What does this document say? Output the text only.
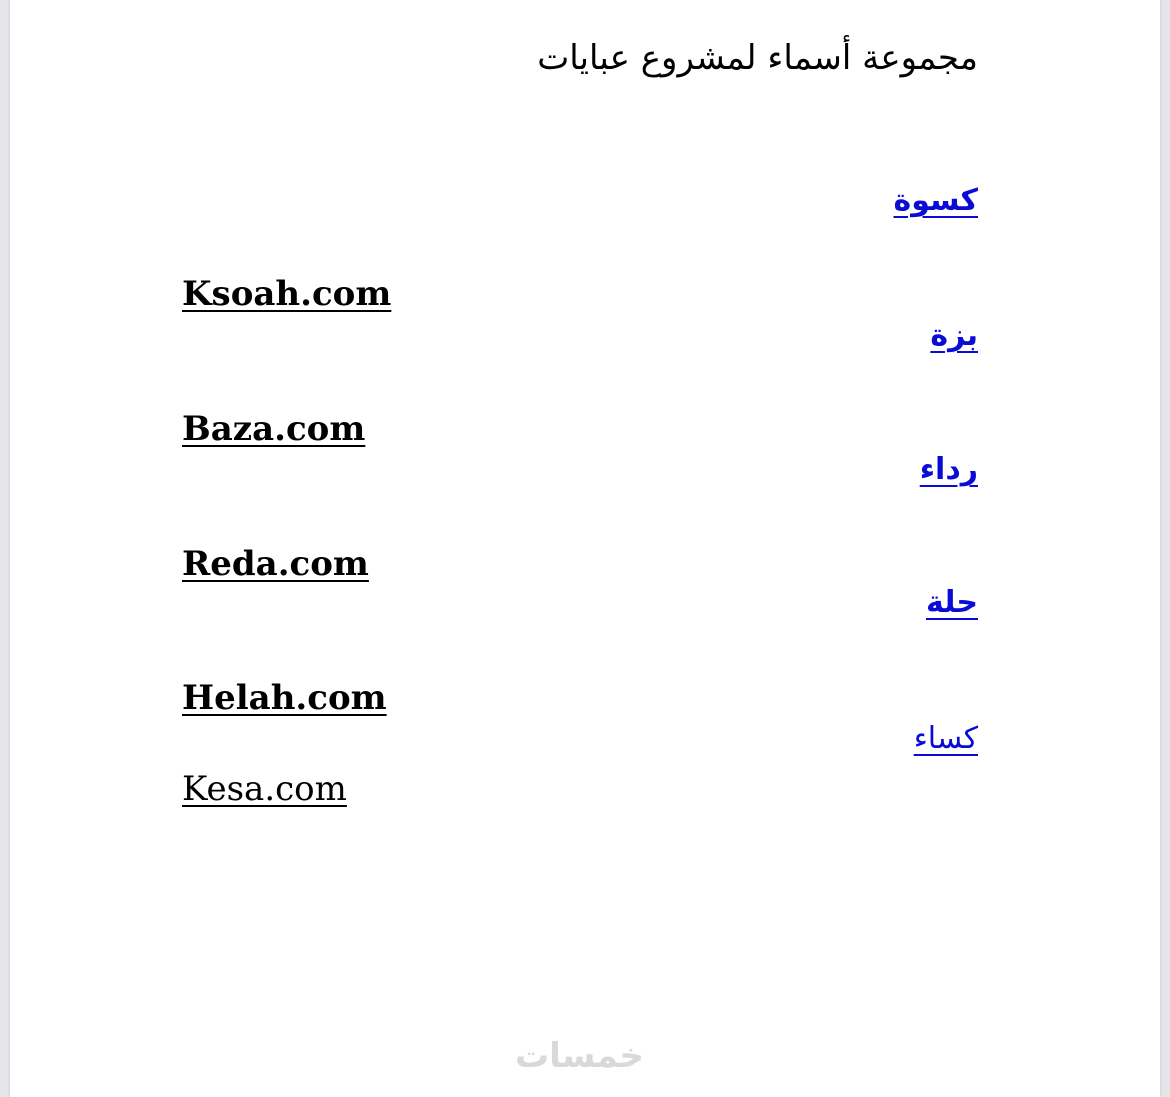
مجموعة أسماء لمشروع عبايات
كسوة
Ksoah.com
بزة
Baza.com
رداء
Reda.com
حلة
Helah.com
كساء
Kesa.com
خمسات
